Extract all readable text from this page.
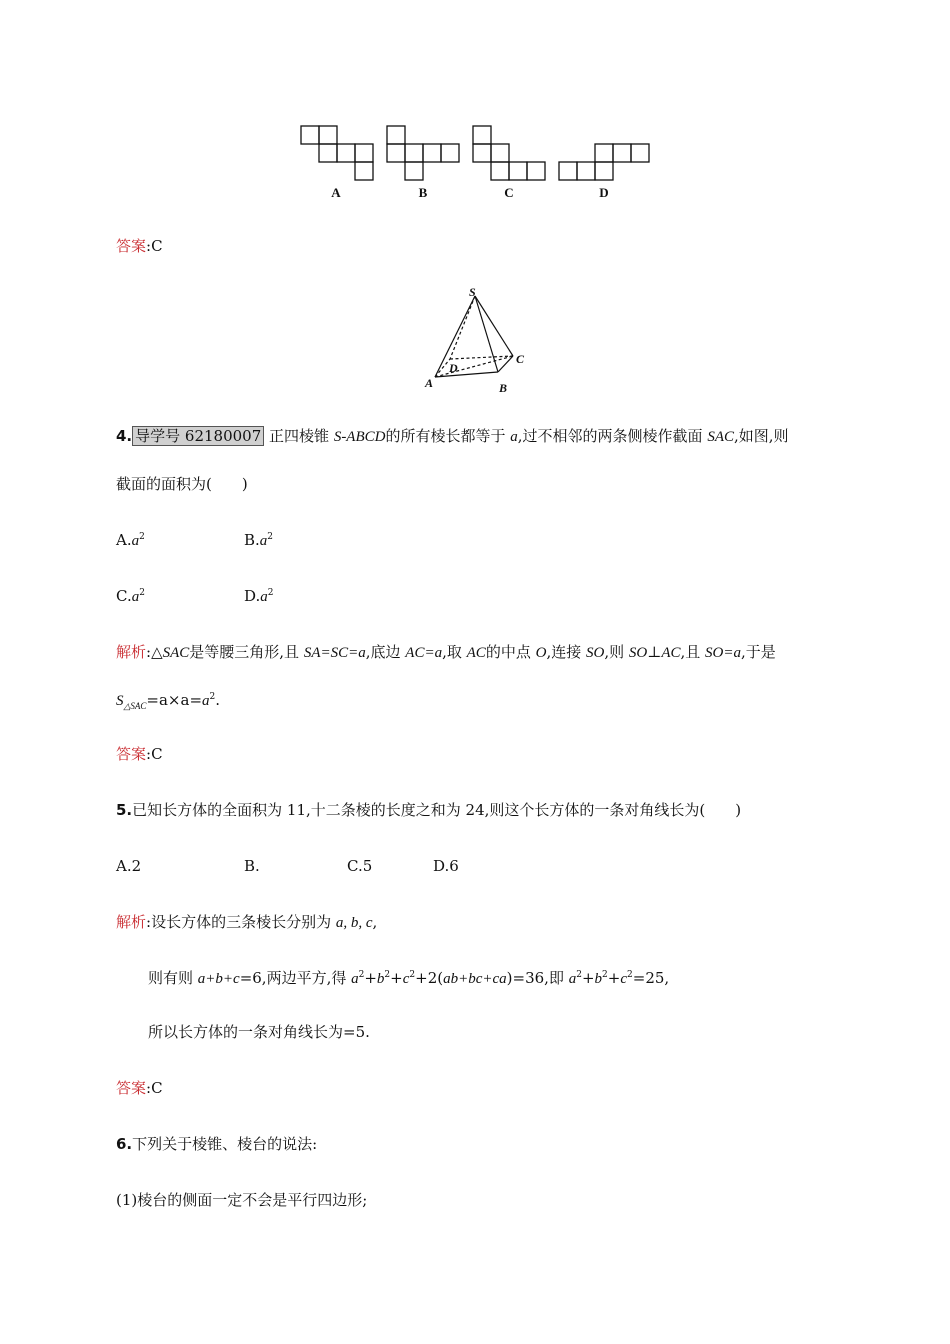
A	B	C	D
答案:C
S
A	B
C
D
4. 导学号 62180007 正四棱锥 S-ABCD的所有棱长都等于 a,过不相邻的两条侧棱作截面 SAC,如图,则
截面的面积为(　　)
$A.a^2$	$B.a^2$
$C.a^2$	$D.a^2$
解析:△SAC是等腰三角形,且 SA=SC=a,底边 AC=a,取 AC的中点 O,连接 SO,则 SO⊥AC,且 SO=a,于是
$S_{\triangle SAC}=a\times a=a^2$.
答案:C
5.已知长方体的全面积为 11,十二条棱的长度之和为 24,则这个长方体的一条对角线长为(　　)
A.2	B.	C.5	D.6
解析:设长方体的三条棱长分别为 a, b, c,
则有则 a+b+c=6,两边平方,得 $a^2+b^2+c^2+2(ab+bc+ca)=36$,即 $a^2+b^2+c^2=25$,
所以长方体的一条对角线长为=5.
答案:C
6.下列关于棱锥、棱台的说法:
(1)棱台的侧面一定不会是平行四边形;
